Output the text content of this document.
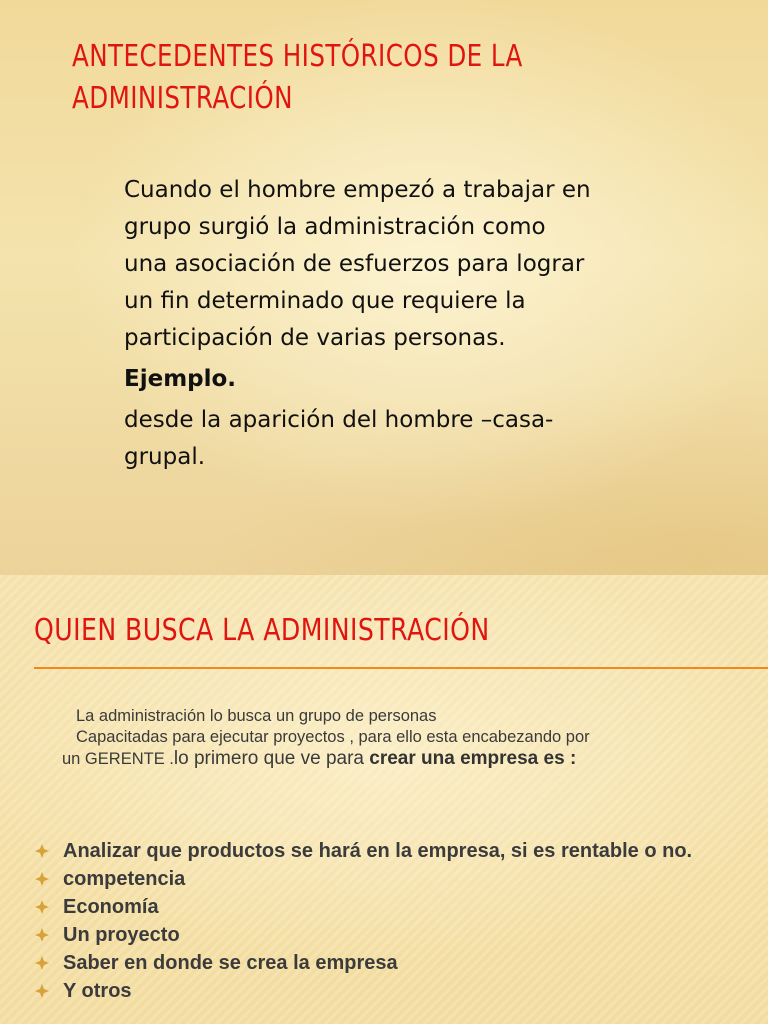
ANTECEDENTES HISTÓRICOS DE LA
ADMINISTRACIÓN

Cuando el hombre empezó a trabajar en

grupo surgió la administración como

una asociación de esfuerzos para lograr

un fin determinado que requiere la

participación de varias personas.

Ejemplo.

desde la aparición del hombre –casa-

grupal.

QUIEN BUSCA LA ADMINISTRACIÓN

La administración lo busca un grupo de personas

Capacitadas para ejecutar proyectos , para ello esta encabezando por

un GERENTE .lo primero que ve para crear una empresa es :

Analizar que productos se hará en la empresa, si es rentable o no.
competencia
Economía
Un proyecto
Saber en donde se crea la empresa
Y otros
